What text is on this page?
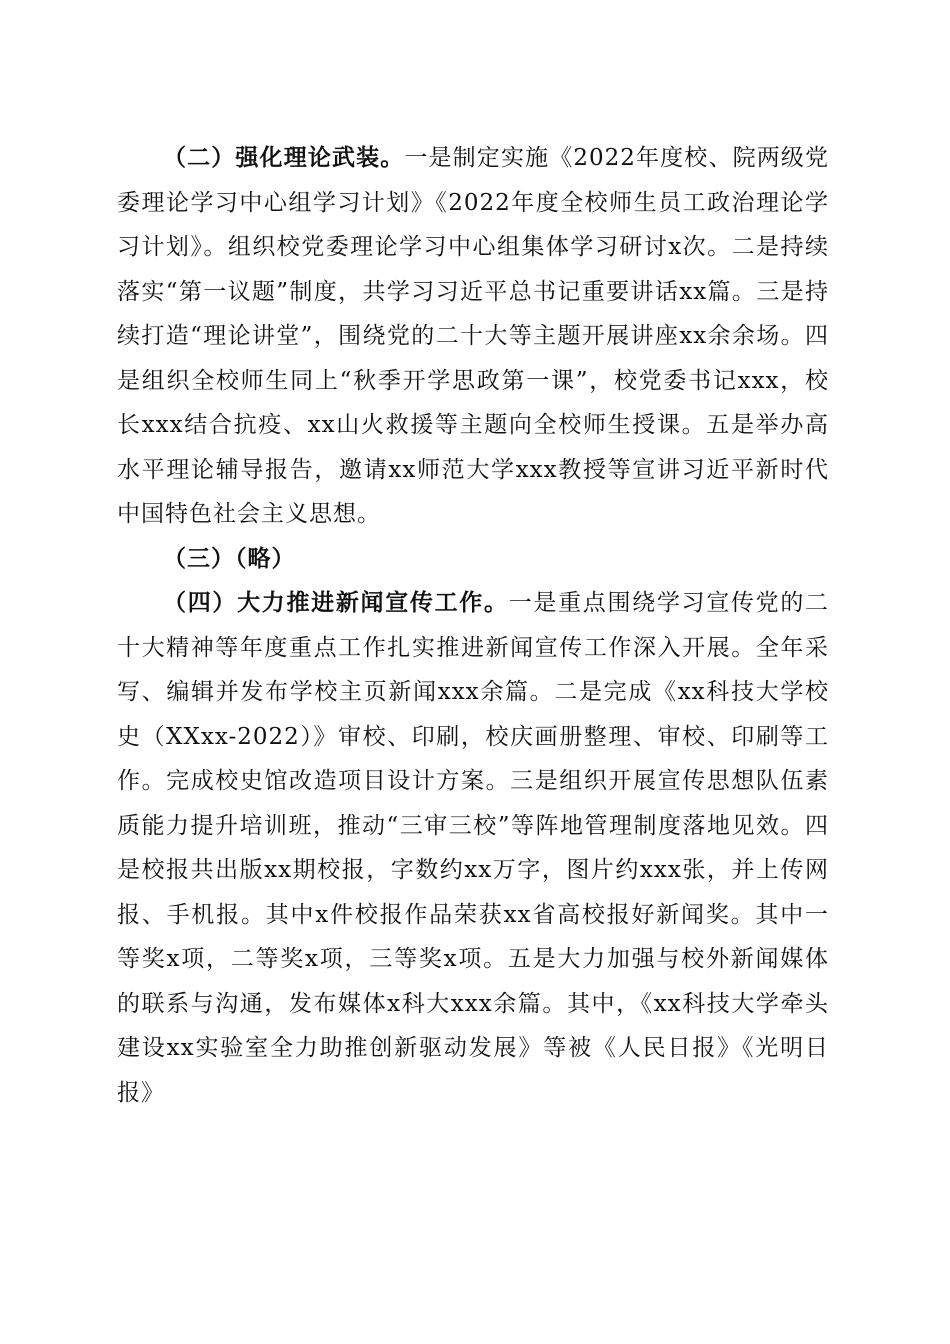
（二）强化理论武装。一是制定实施《2022年度校、院两级党委理论学习中心组学习计划》《2022年度全校师生员工政治理论学习计划》。组织校党委理论学习中心组集体学习研讨x次。二是持续落实“第一议题”制度，共学习习近平总书记重要讲话xx篇。三是持续打造“理论讲堂”，围绕党的二十大等主题开展讲座xx余余场。四是组织全校师生同上“秋季开学思政第一课”，校党委书记xxx，校长xxx结合抗疫、xx山火救援等主题向全校师生授课。五是举办高水平理论辅导报告，邀请xx师范大学xxx教授等宣讲习近平新时代中国特色社会主义思想。

（三）（略）

（四）大力推进新闻宣传工作。一是重点围绕学习宣传党的二十大精神等年度重点工作扎实推进新闻宣传工作深入开展。全年采写、编辑并发布学校主页新闻xxx余篇。二是完成《xx科技大学校史（XXxx-2022）》审校、印刷，校庆画册整理、审校、印刷等工作。完成校史馆改造项目设计方案。三是组织开展宣传思想队伍素质能力提升培训班，推动“三审三校”等阵地管理制度落地见效。四是校报共出版xx期校报，字数约xx万字，图片约xxx张，并上传网报、手机报。其中x件校报作品荣获xx省高校报好新闻奖。其中一等奖x项，二等奖x项，三等奖x项。五是大力加强与校外新闻媒体的联系与沟通，发布媒体x科大xxx余篇。其中，《xx科技大学牵头建设xx实验室全力助推创新驱动发展》等被《人民日报》《光明日报》
